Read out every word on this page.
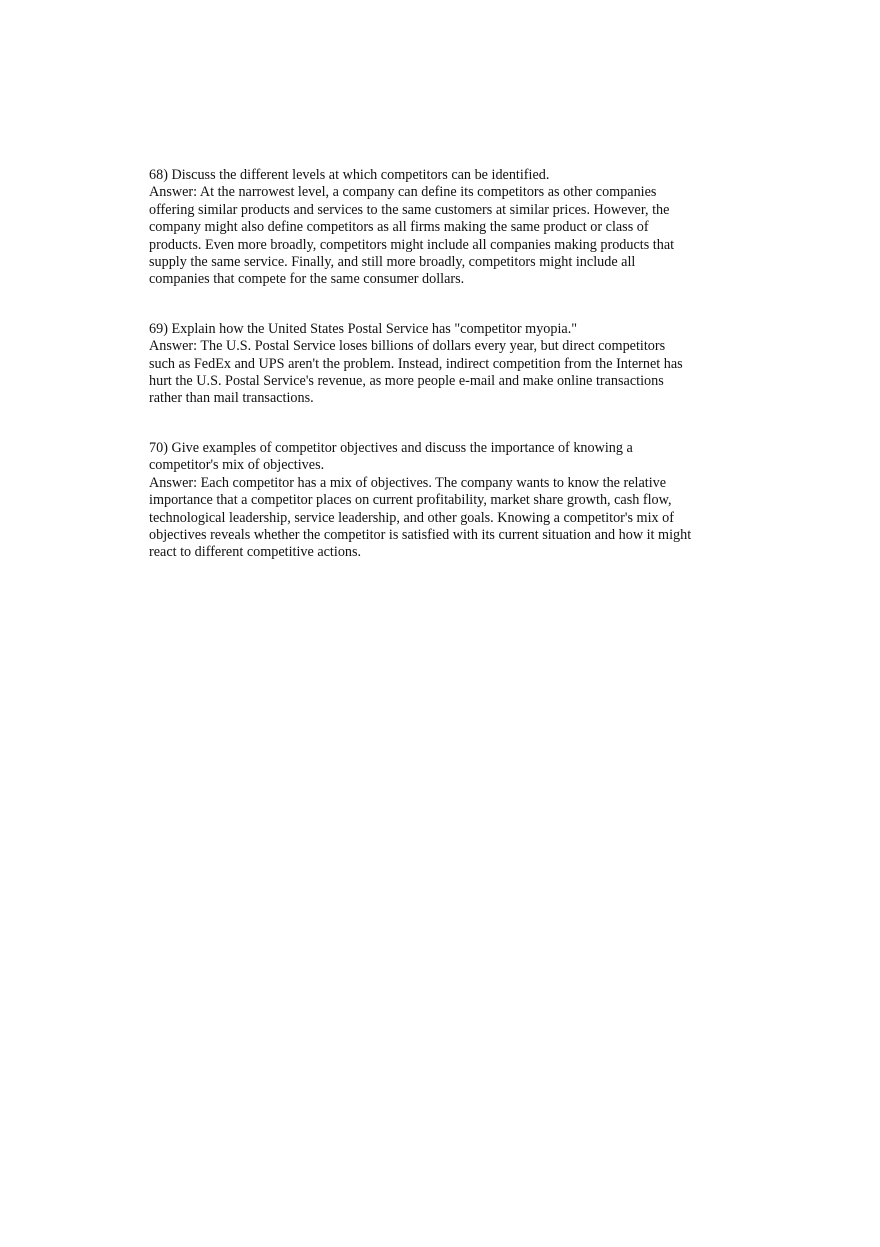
68) Discuss the different levels at which competitors can be identified.
Answer: At the narrowest level, a company can define its competitors as other companies
offering similar products and services to the same customers at similar prices. However, the
company might also define competitors as all firms making the same product or class of
products. Even more broadly, competitors might include all companies making products that
supply the same service. Finally, and still more broadly, competitors might include all
companies that compete for the same consumer dollars.
69) Explain how the United States Postal Service has "competitor myopia."
Answer: The U.S. Postal Service loses billions of dollars every year, but direct competitors
such as FedEx and UPS aren't the problem. Instead, indirect competition from the Internet has
hurt the U.S. Postal Service's revenue, as more people e-mail and make online transactions
rather than mail transactions.
70) Give examples of competitor objectives and discuss the importance of knowing a
competitor's mix of objectives.
Answer: Each competitor has a mix of objectives. The company wants to know the relative
importance that a competitor places on current profitability, market share growth, cash flow,
technological leadership, service leadership, and other goals. Knowing a competitor's mix of
objectives reveals whether the competitor is satisfied with its current situation and how it might
react to different competitive actions.
